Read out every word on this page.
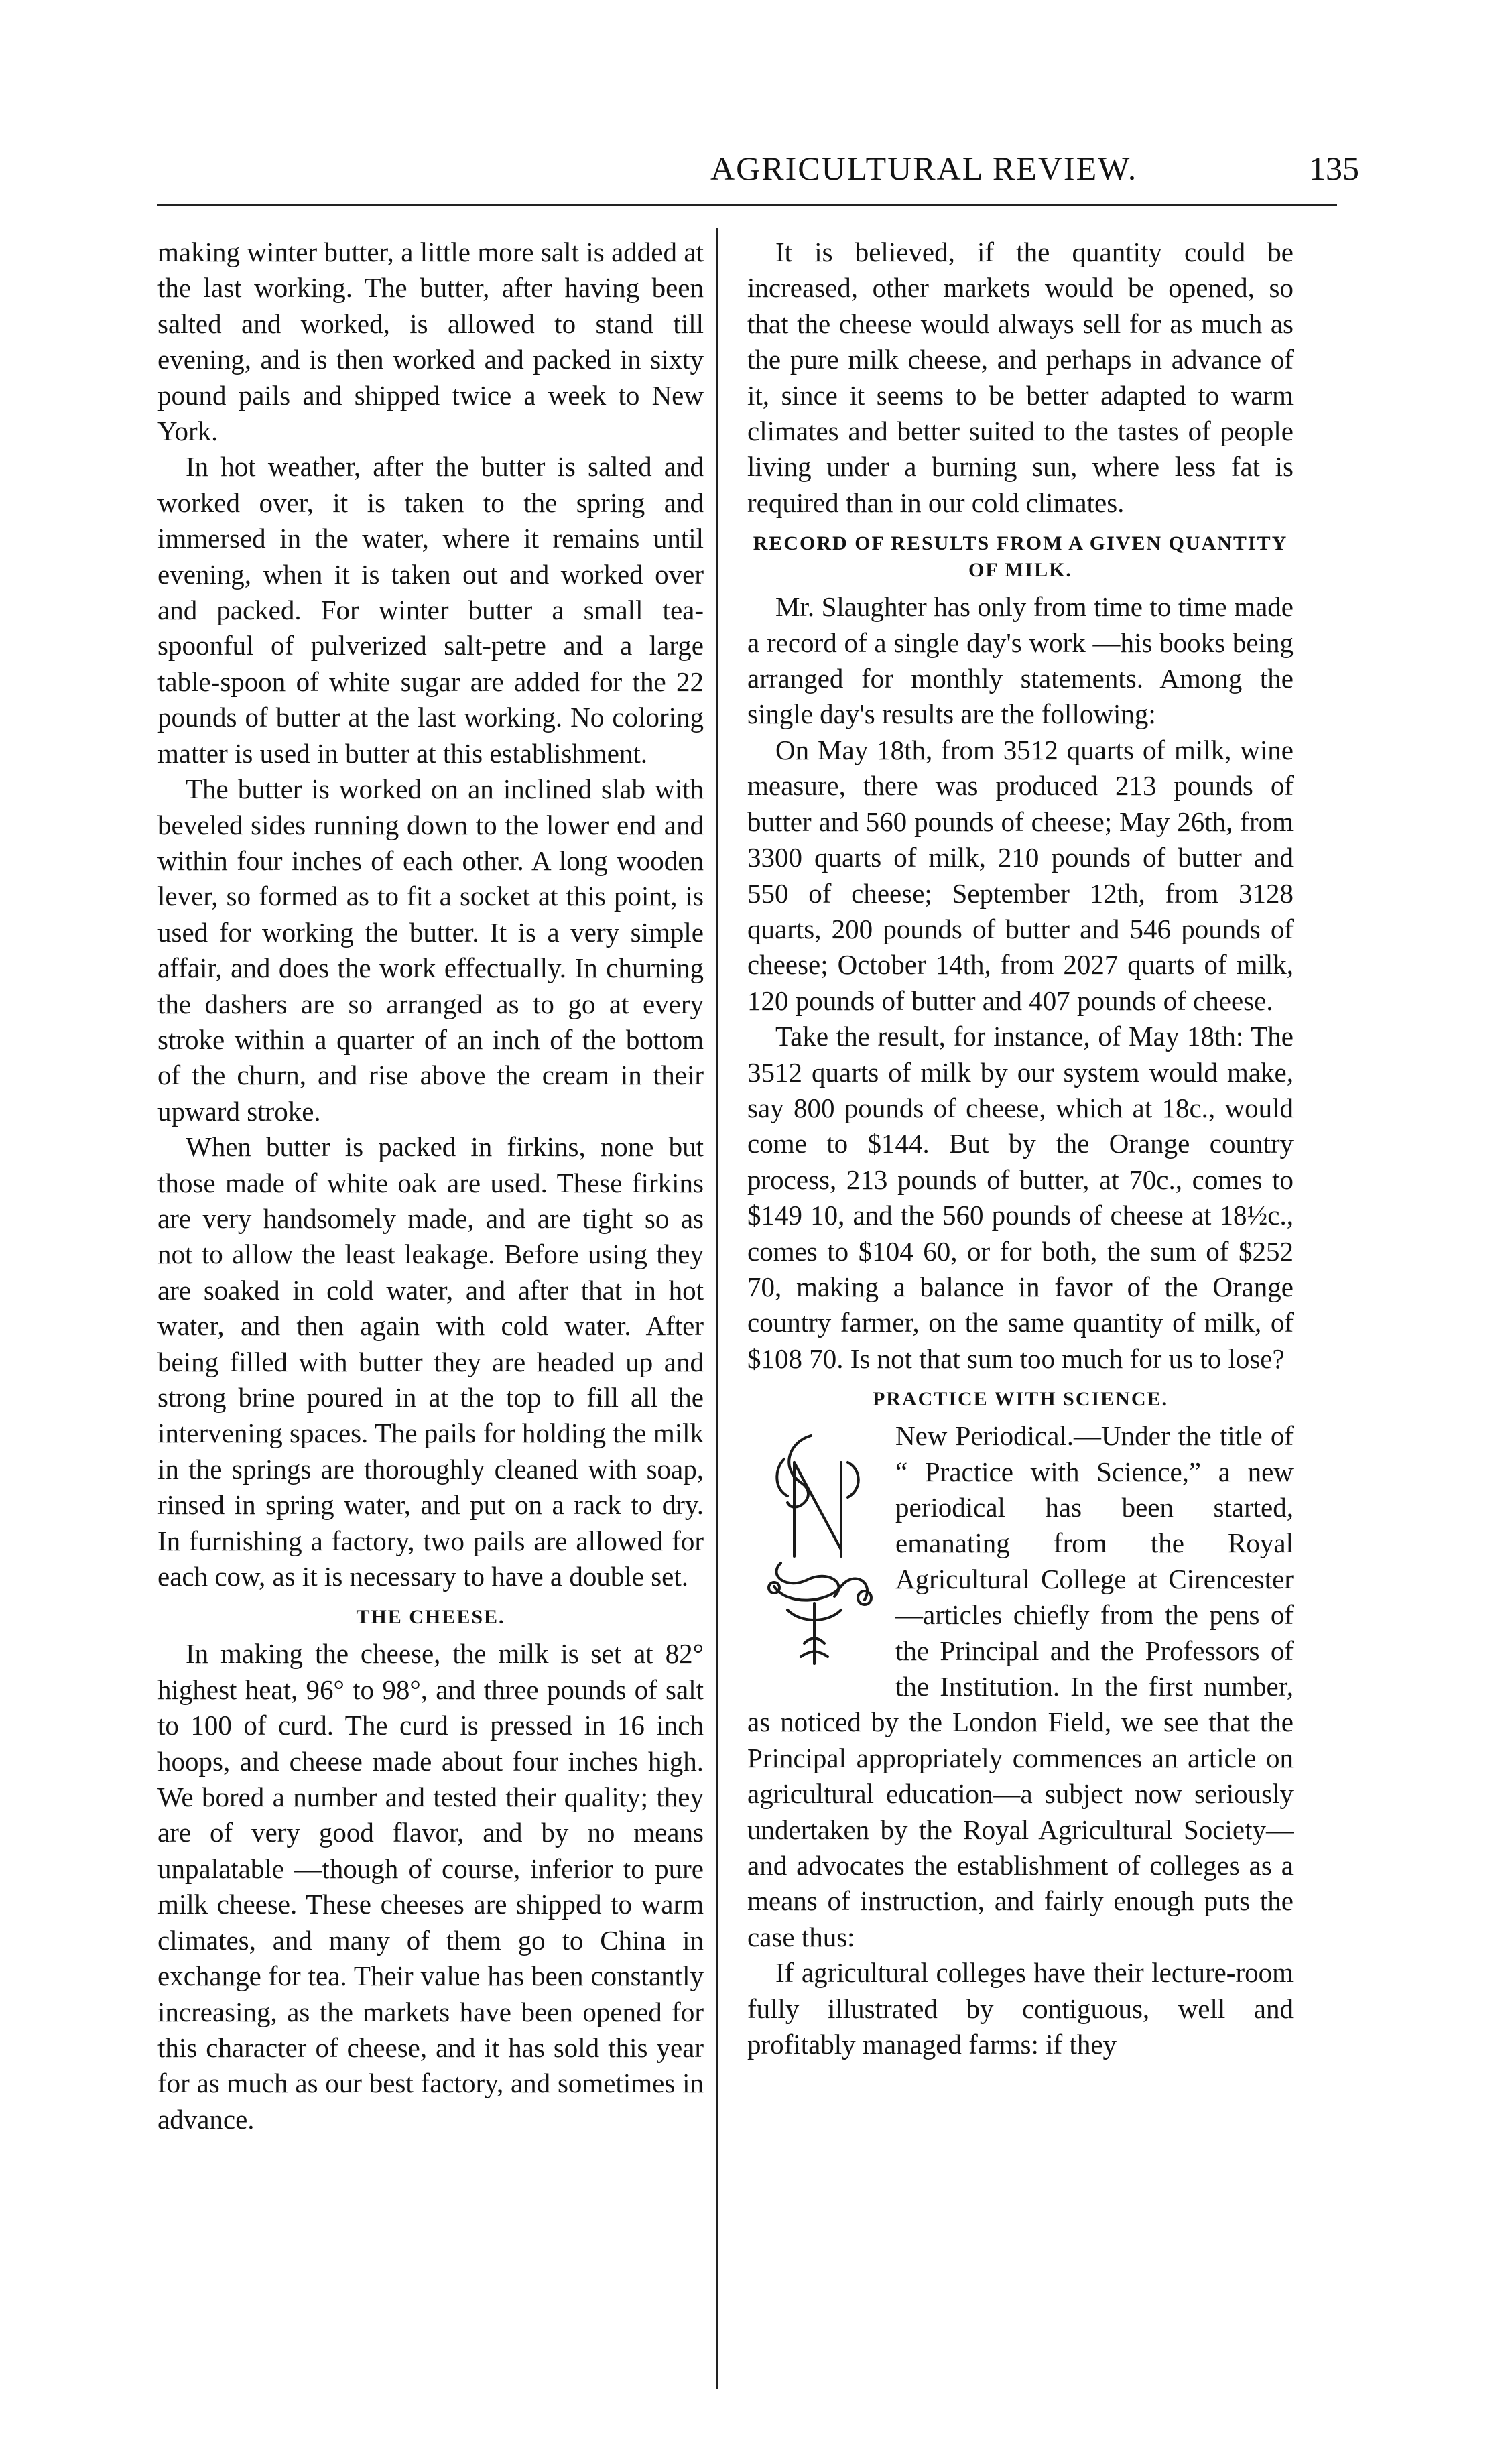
AGRICULTURAL REVIEW.	135

making winter butter, a little more salt is added at the last working. The butter, after having been salted and worked, is allowed to stand till evening, and is then worked and packed in sixty pound pails and shipped twice a week to New York.

In hot weather, after the butter is salted and worked over, it is taken to the spring and immersed in the water, where it remains until evening, when it is taken out and worked over and packed. For winter butter a small tea-spoonful of pulverized salt-petre and a large table-spoon of white sugar are added for the 22 pounds of butter at the last working. No coloring matter is used in butter at this establishment.

The butter is worked on an inclined slab with beveled sides running down to the lower end and within four inches of each other. A long wooden lever, so formed as to fit a socket at this point, is used for working the butter. It is a very simple affair, and does the work effectually. In churning the dashers are so arranged as to go at every stroke within a quarter of an inch of the bottom of the churn, and rise above the cream in their upward stroke.

When butter is packed in firkins, none but those made of white oak are used. These firkins are very handsomely made, and are tight so as not to allow the least leakage. Before using they are soaked in cold water, and after that in hot water, and then again with cold water. After being filled with butter they are headed up and strong brine poured in at the top to fill all the intervening spaces. The pails for holding the milk in the springs are thoroughly cleaned with soap, rinsed in spring water, and put on a rack to dry. In furnishing a factory, two pails are allowed for each cow, as it is necessary to have a double set.

THE CHEESE.

In making the cheese, the milk is set at 82° highest heat, 96° to 98°, and three pounds of salt to 100 of curd. The curd is pressed in 16 inch hoops, and cheese made about four inches high. We bored a number and tested their quality; they are of very good flavor, and by no means unpalatable —though of course, inferior to pure milk cheese. These cheeses are shipped to warm climates, and many of them go to China in exchange for tea. Their value has been constantly increasing, as the markets have been opened for this character of cheese, and it has sold this year for as much as our best factory, and sometimes in advance.

It is believed, if the quantity could be increased, other markets would be opened, so that the cheese would always sell for as much as the pure milk cheese, and perhaps in advance of it, since it seems to be better adapted to warm climates and better suited to the tastes of people living under a burning sun, where less fat is required than in our cold climates.

RECORD OF RESULTS FROM A GIVEN QUANTITY OF MILK.

Mr. Slaughter has only from time to time made a record of a single day's work —his books being arranged for monthly statements. Among the single day's results are the following:

On May 18th, from 3512 quarts of milk, wine measure, there was produced 213 pounds of butter and 560 pounds of cheese; May 26th, from 3300 quarts of milk, 210 pounds of butter and 550 of cheese; September 12th, from 3128 quarts, 200 pounds of butter and 546 pounds of cheese; October 14th, from 2027 quarts of milk, 120 pounds of butter and 407 pounds of cheese.

Take the result, for instance, of May 18th: The 3512 quarts of milk by our system would make, say 800 pounds of cheese, which at 18c., would come to $144. But by the Orange country process, 213 pounds of butter, at 70c., comes to $149 10, and the 560 pounds of cheese at 18½c., comes to $104 60, or for both, the sum of $252 70, making a balance in favor of the Orange country farmer, on the same quantity of milk, of $108 70. Is not that sum too much for us to lose?

PRACTICE WITH SCIENCE.

New Periodical.—Under the title of “ Practice with Science,” a new periodical has been started, emanating from the Royal Agricultural College at Cirencester—articles chiefly from the pens of the Principal and the Professors of the Institution. In the first number, as noticed by the London Field, we see that the Principal appropriately commences an article on agricultural education—a subject now seriously undertaken by the Royal Agricultural Society—and advocates the establishment of colleges as a means of instruction, and fairly enough puts the case thus:

If agricultural colleges have their lecture-room fully illustrated by contiguous, well and profitably managed farms: if they
